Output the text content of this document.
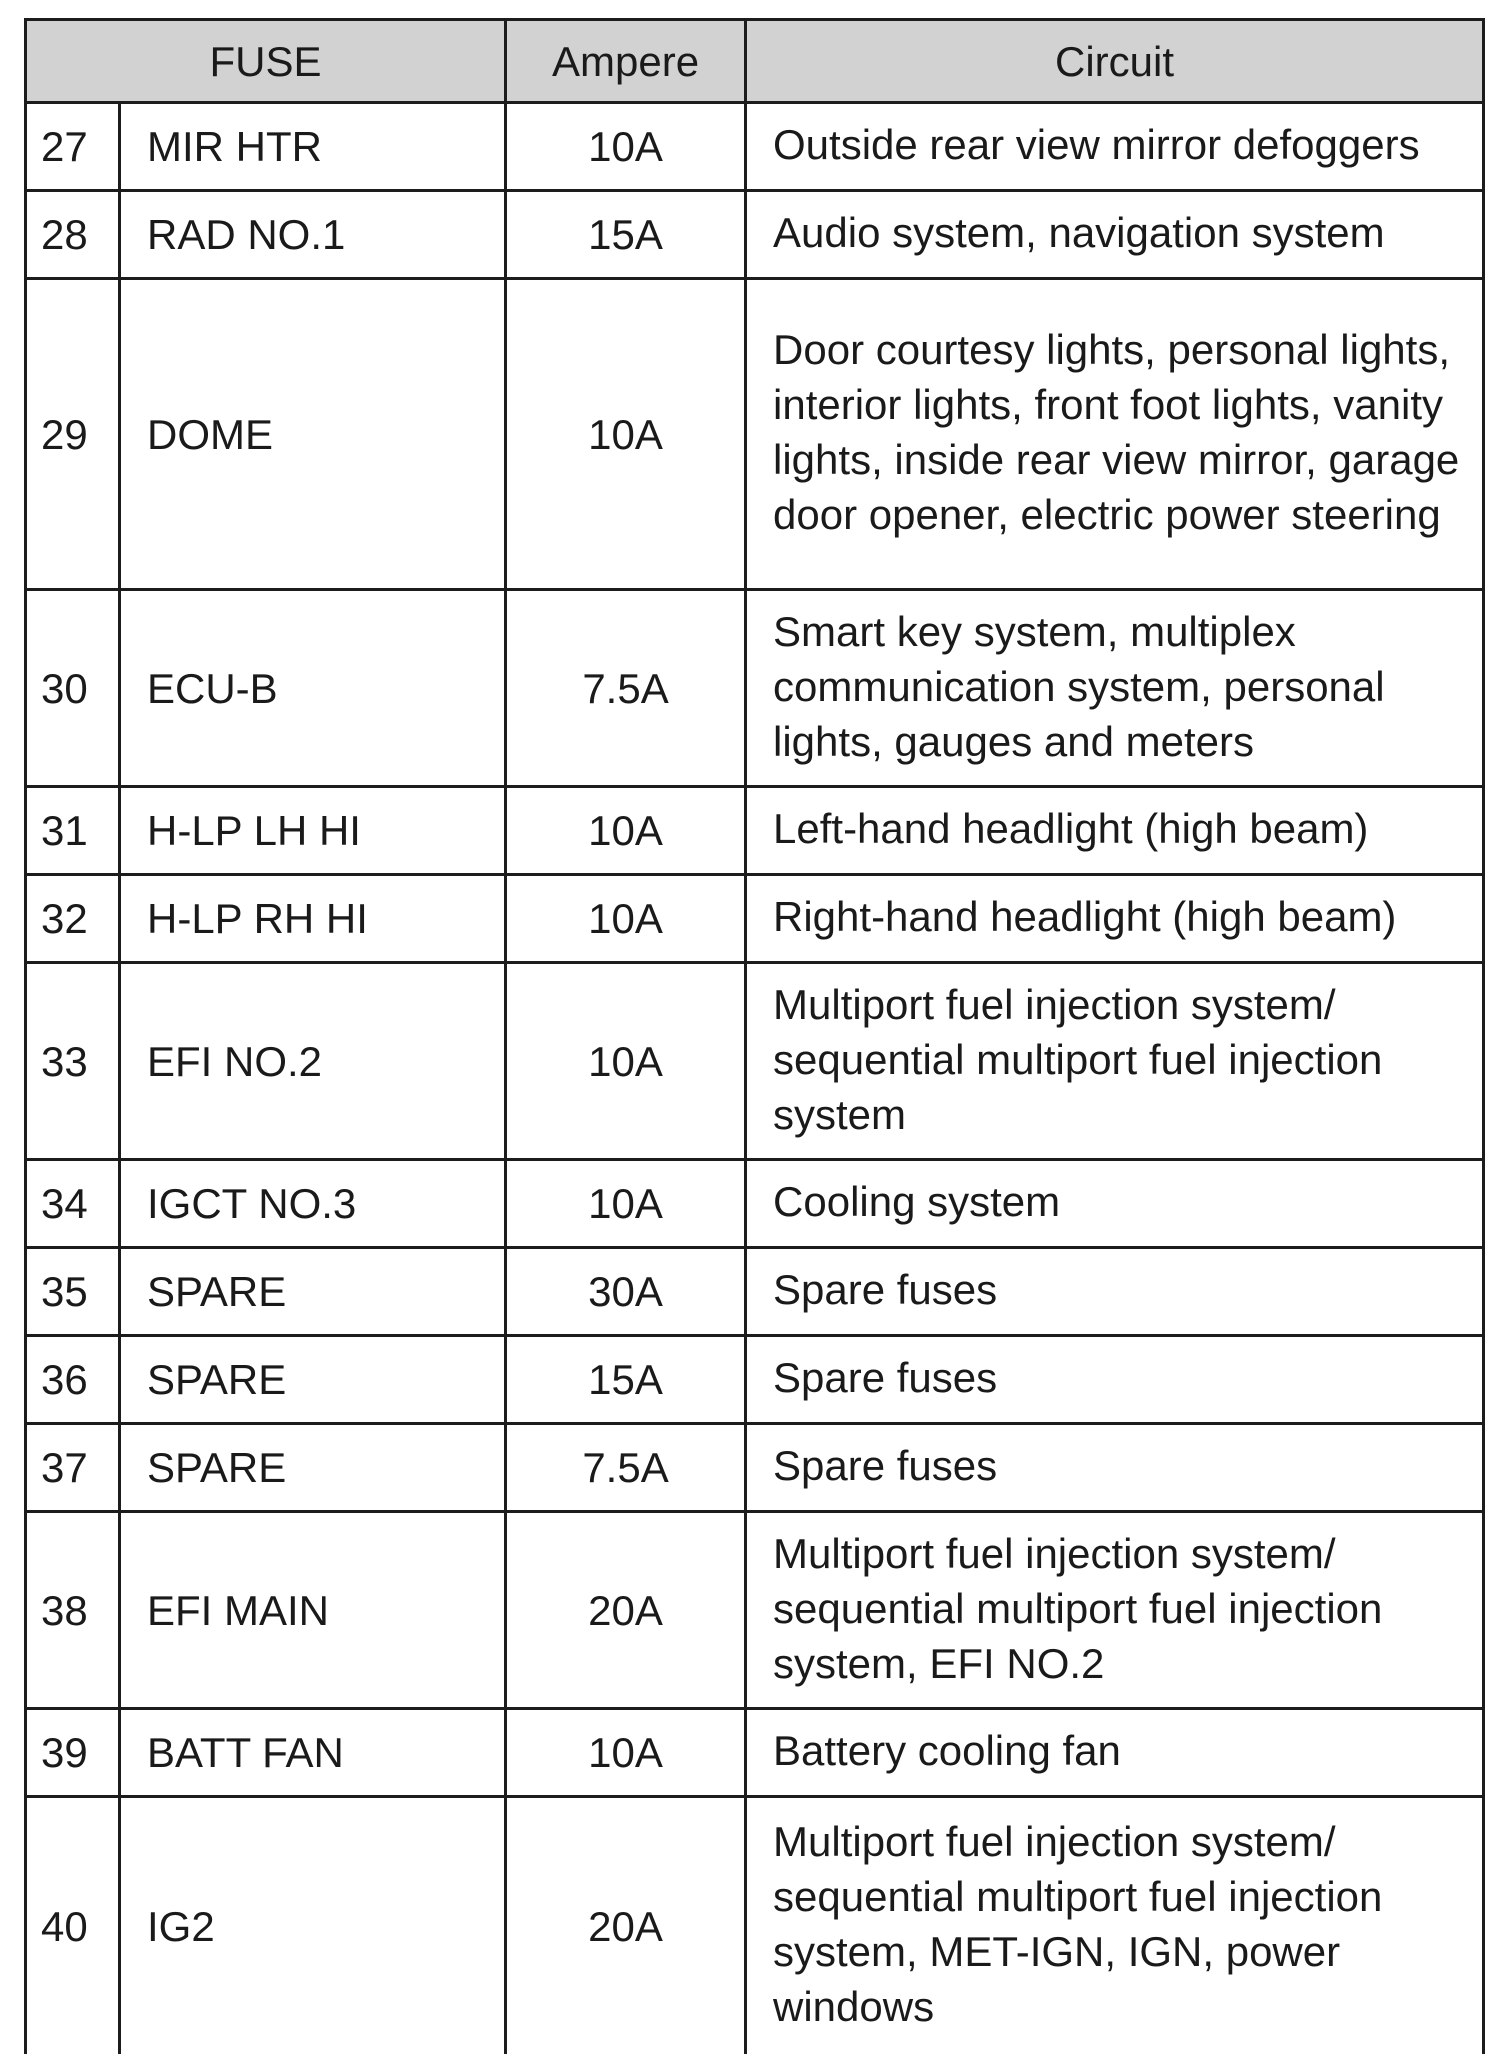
FUSE		Ampere	Circuit
27	MIR HTR	10A	Outside rear view mirror defoggers
28	RAD NO.1	15A	Audio system, navigation system
29	DOME	10A	Door courtesy lights, personal lights, interior lights, front foot lights, vanity lights, inside rear view mirror, garage door opener, electric power steering
30	ECU-B	7.5A	Smart key system, multiplex communication system, personal lights, gauges and meters
31	H-LP LH HI	10A	Left-hand headlight (high beam)
32	H-LP RH HI	10A	Right-hand headlight (high beam)
33	EFI NO.2	10A	Multiport fuel injection system/ sequential multiport fuel injection system
34	IGCT NO.3	10A	Cooling system
35	SPARE	30A	Spare fuses
36	SPARE	15A	Spare fuses
37	SPARE	7.5A	Spare fuses
38	EFI MAIN	20A	Multiport fuel injection system/ sequential multiport fuel injection system, EFI NO.2
39	BATT FAN	10A	Battery cooling fan
40	IG2	20A	Multiport fuel injection system/ sequential multiport fuel injection system, MET-IGN, IGN, power windows
